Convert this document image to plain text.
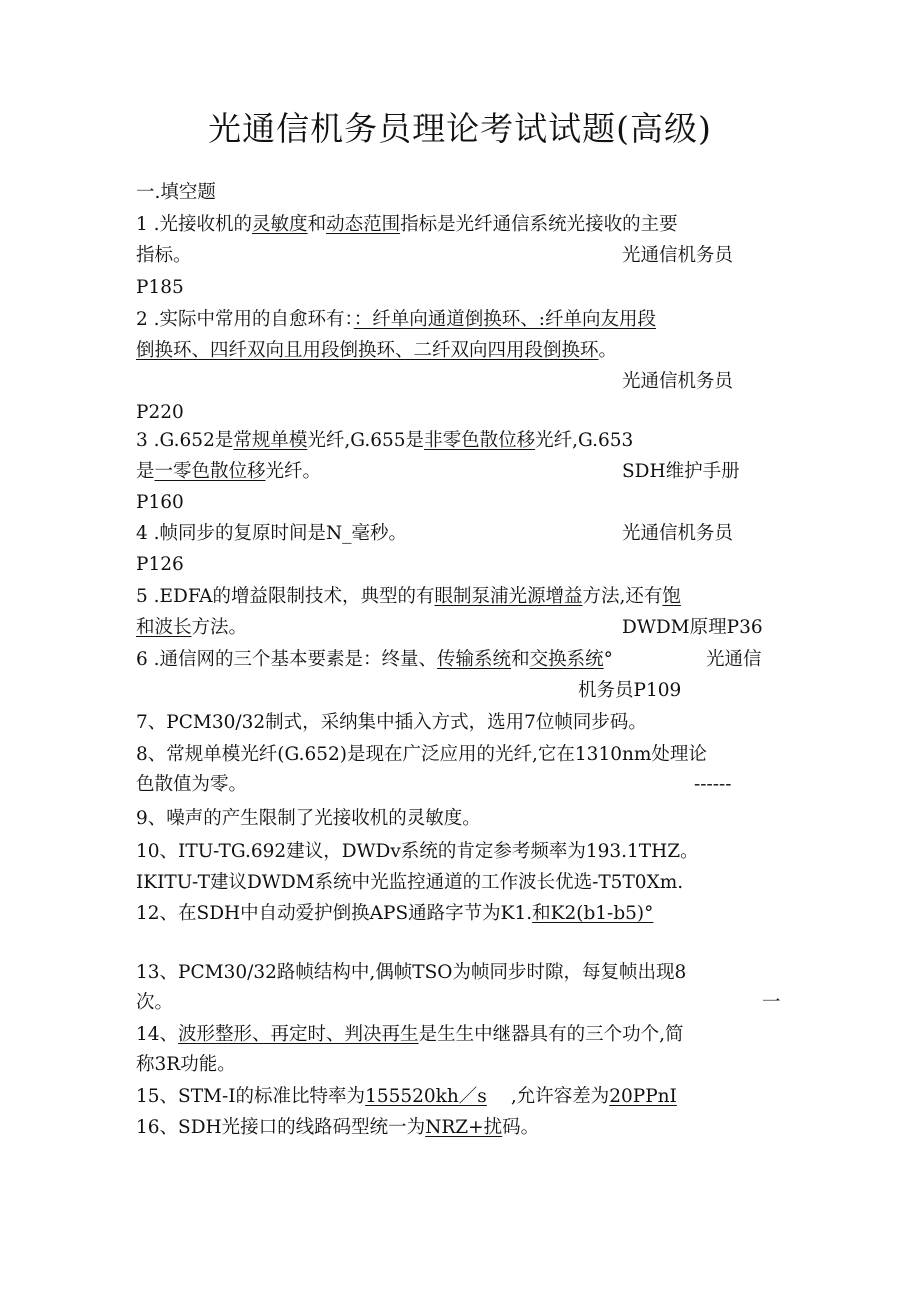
光通信机务员理论考试试题(高级)
一.填空题
1 .光接收机的灵敏度和动态范围指标是光纤通信系统光接收的主要
指标。	光通信机务员
P185
2 .实际中常用的自愈环有：：纤单向通道倒换环、:纤单向友用段
倒换环、四纤双向且用段倒换环、二纤双向四用段倒换环。
光通信机务员
P220
3 .G.652是常规单模光纤,G.655是非零色散位移光纤,G.653
是一零色散位移光纤。	SDH维护手册
P160
4 .帧同步的复原时间是N_毫秒。	光通信机务员
P126
5 .EDFA的增益限制技术，典型的有眼制泵浦光源增益方法,还有饱
和波长方法。	DWDM原理P36
6 .通信网的三个基本要素是：终量、传输系统和交换系统°	光通信
机务员P109
7、PCM30/32制式，采纳集中插入方式，选用7位帧同步码。
8、常规单模光纤(G.652)是现在广泛应用的光纤,它在1310nm处理论
色散值为零。	------
9、噪声的产生限制了光接收机的灵敏度。
10、ITU-TG.692建议，DWDv系统的肯定参考频率为193.1THZ。
IKITU-T建议DWDM系统中光监控通道的工作波长优选-T5T0Xm.
12、在SDH中自动爱护倒换APS通路字节为K1.和K2(b1-b5)°
13、PCM30/32路帧结构中,偶帧TSO为帧同步时隙，每复帧出现8
次。	一
14、波形整形、再定时、判决再生是生生中继器具有的三个功个,简
称3R功能。
15、STM-I的标准比特率为155520kh／s ,允许容差为20PPnI
16、SDH光接口的线路码型统一为NRZ+扰码。
